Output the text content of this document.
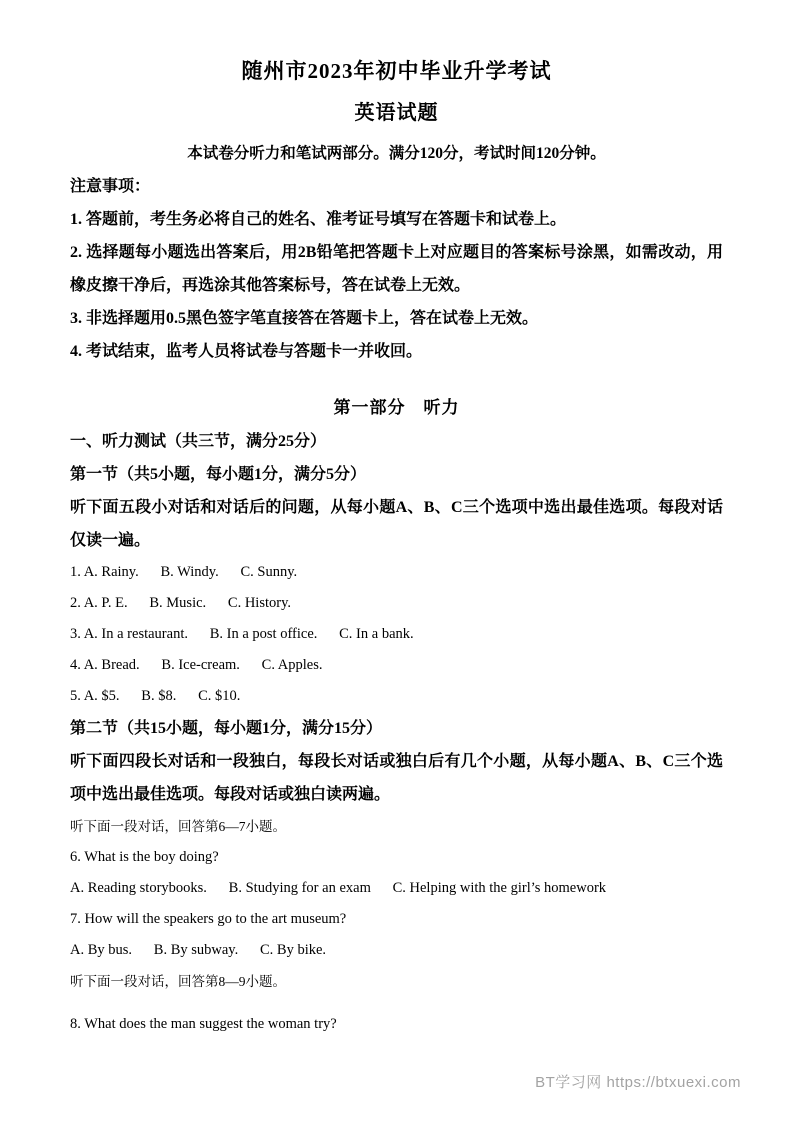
随州市2023年初中毕业升学考试
英语试题

本试卷分听力和笔试两部分。满分120分，考试时间120分钟。

注意事项：

1. 答题前，考生务必将自己的姓名、准考证号填写在答题卡和试卷上。

2. 选择题每小题选出答案后，用2B铅笔把答题卡上对应题目的答案标号涂黑，如需改动，用橡皮擦干净后，再选涂其他答案标号，答在试卷上无效。

3. 非选择题用0.5黑色签字笔直接答在答题卡上，答在试卷上无效。

4. 考试结束，监考人员将试卷与答题卡一并收回。

第一部分　听力

一、听力测试（共三节，满分25分）

第一节（共5小题，每小题1分，满分5分）

听下面五段小对话和对话后的问题，从每小题A、B、C三个选项中选出最佳选项。每段对话仅读一遍。

1. A. Rainy.      B. Windy.      C. Sunny.

2. A. P. E.      B. Music.      C. History.

3. A. In a restaurant.      B. In a post office.      C. In a bank.

4. A. Bread.      B. Ice-cream.      C. Apples.

5. A. $5.      B. $8.      C. $10.

第二节（共15小题，每小题1分，满分15分）

听下面四段长对话和一段独白，每段长对话或独白后有几个小题，从每小题A、B、C三个选项中选出最佳选项。每段对话或独白读两遍。

听下面一段对话，回答第6—7小题。

6. What is the boy doing?

A. Reading storybooks.      B. Studying for an exam      C. Helping with the girl’s homework

7. How will the speakers go to the art museum?

A. By bus.      B. By subway.      C. By bike.

听下面一段对话，回答第8—9小题。

8. What does the man suggest the woman try?

BT学习网 https://btxuexi.com
